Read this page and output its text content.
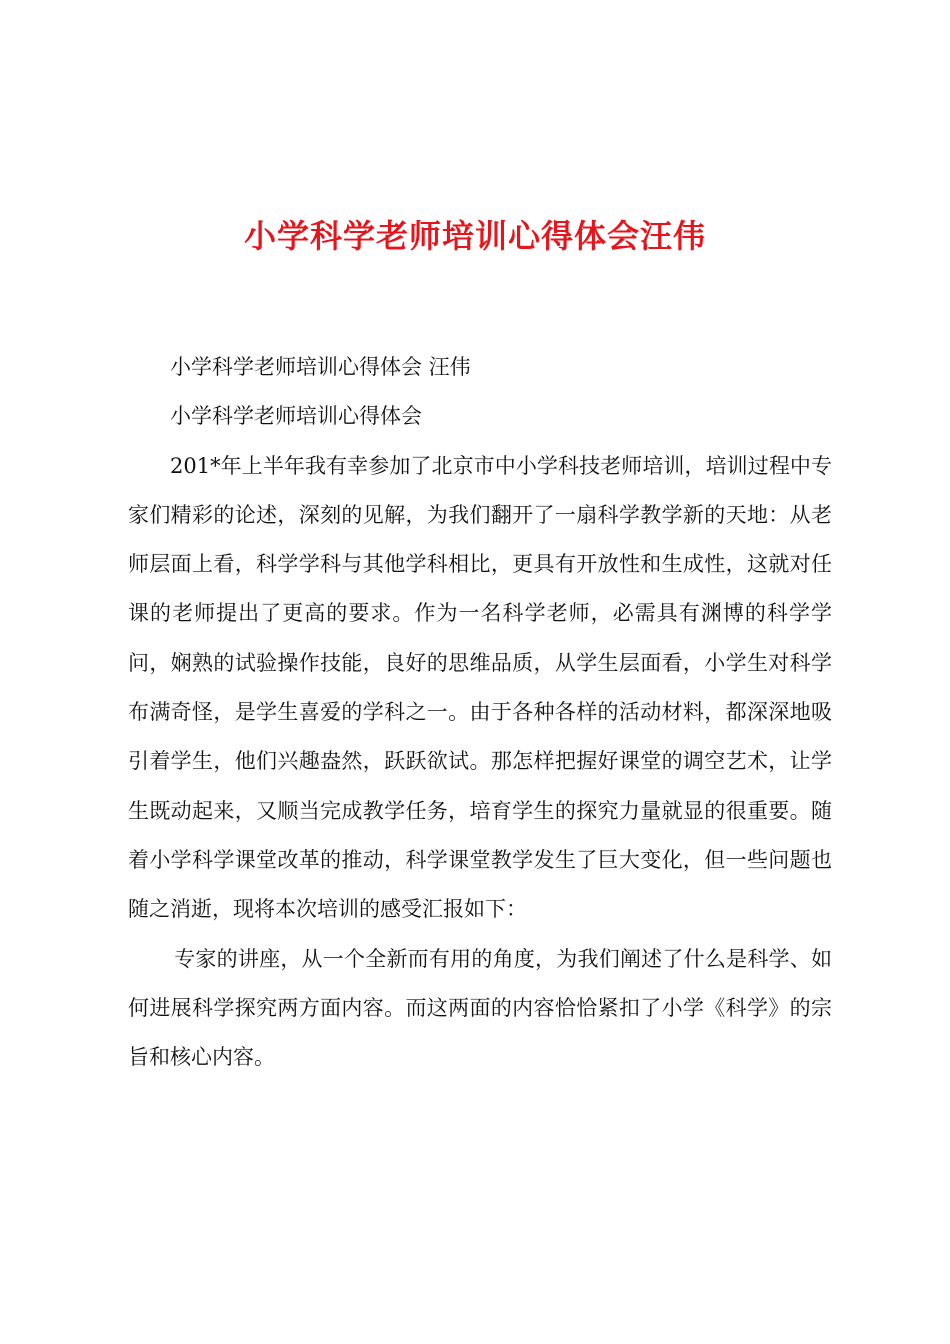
小学科学老师培训心得体会汪伟

小学科学老师培训心得体会 汪伟

小学科学老师培训心得体会

201*年上半年我有幸参加了北京市中小学科技老师培训，培训过程中专家们精彩的论述，深刻的见解，为我们翻开了一扇科学教学新的天地：从老师层面上看，科学学科与其他学科相比，更具有开放性和生成性，这就对任课的老师提出了更高的要求。作为一名科学老师，必需具有渊博的科学学问，娴熟的试验操作技能，良好的思维品质，从学生层面看，小学生对科学布满奇怪，是学生喜爱的学科之一。由于各种各样的活动材料，都深深地吸引着学生，他们兴趣盎然，跃跃欲试。那怎样把握好课堂的调空艺术，让学生既动起来，又顺当完成教学任务，培育学生的探究力量就显的很重要。随着小学科学课堂改革的推动，科学课堂教学发生了巨大变化，但一些问题也随之消逝，现将本次培训的感受汇报如下：

专家的讲座，从一个全新而有用的角度，为我们阐述了什么是科学、如何进展科学探究两方面内容。而这两面的内容恰恰紧扣了小学《科学》的宗旨和核心内容。
